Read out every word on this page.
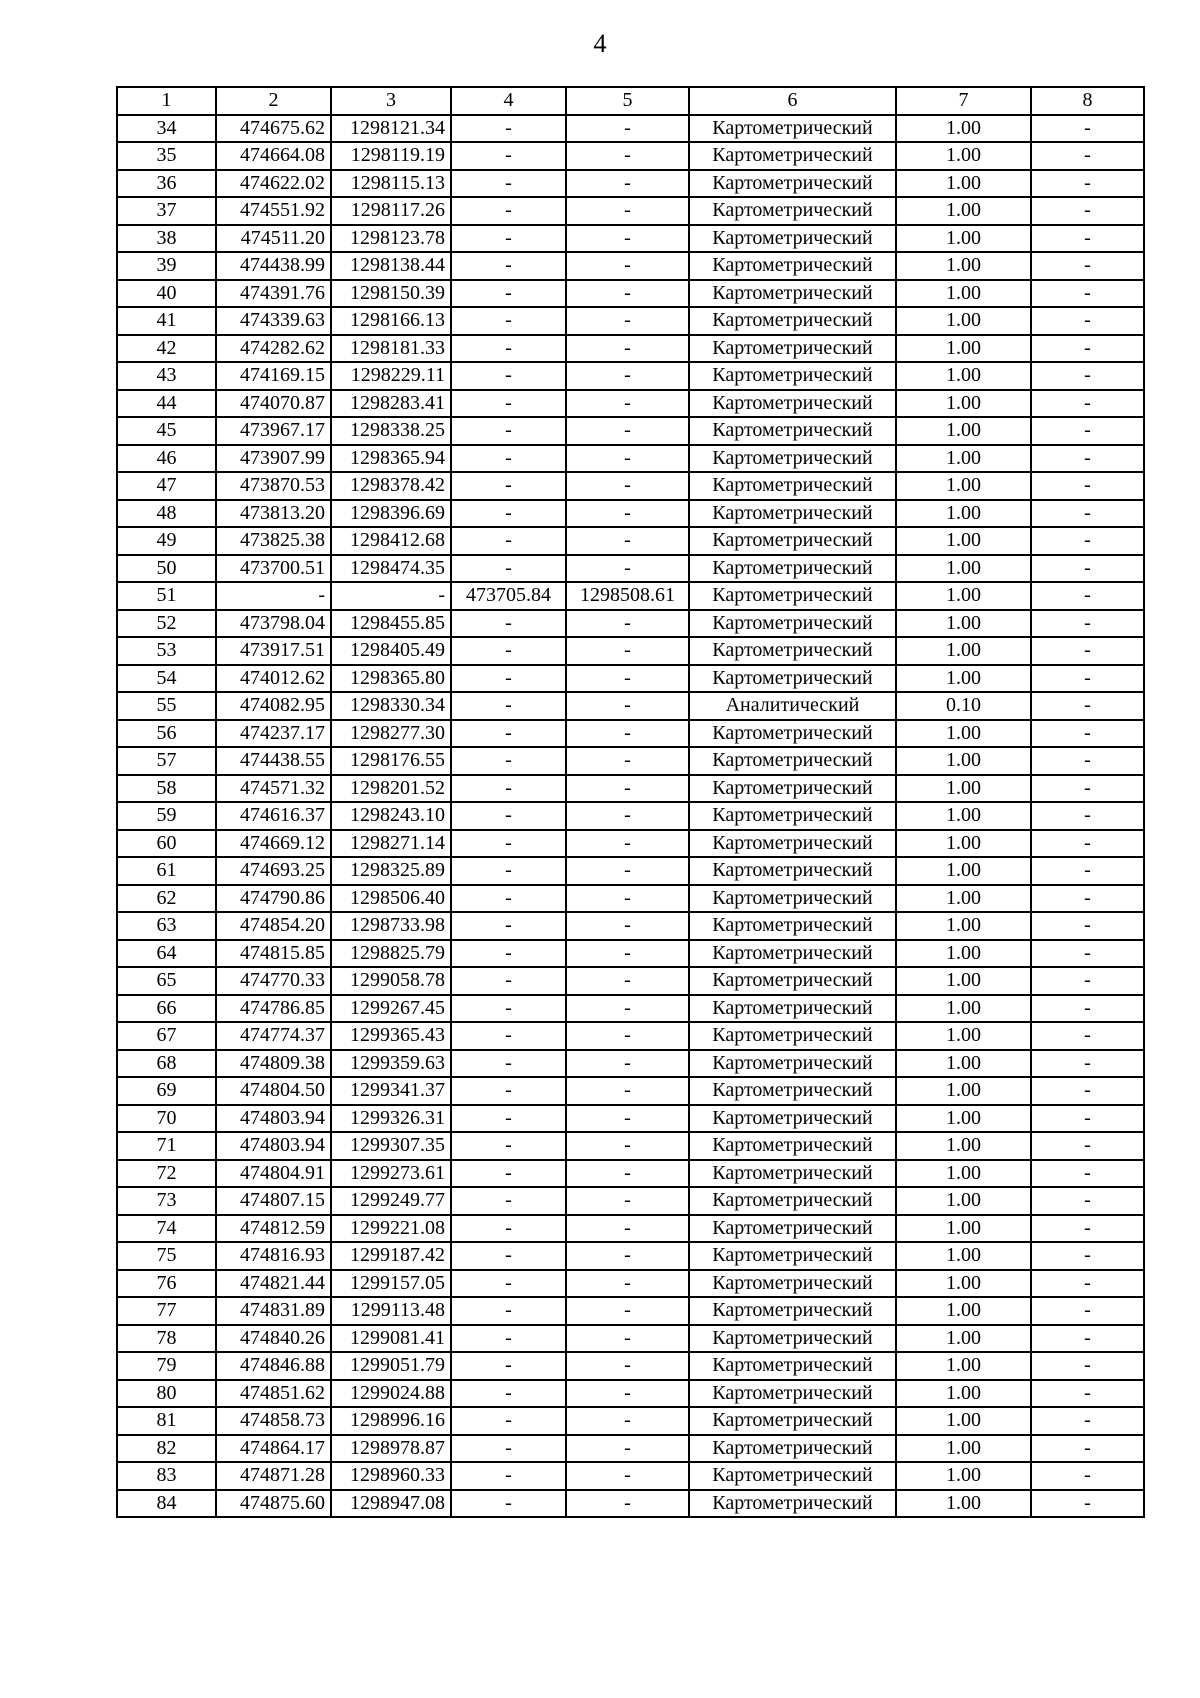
4
1	2	3	4	5	6	7	8
34	474675.62	1298121.34	-	-	Картометрический	1.00	-
35	474664.08	1298119.19	-	-	Картометрический	1.00	-
36	474622.02	1298115.13	-	-	Картометрический	1.00	-
37	474551.92	1298117.26	-	-	Картометрический	1.00	-
38	474511.20	1298123.78	-	-	Картометрический	1.00	-
39	474438.99	1298138.44	-	-	Картометрический	1.00	-
40	474391.76	1298150.39	-	-	Картометрический	1.00	-
41	474339.63	1298166.13	-	-	Картометрический	1.00	-
42	474282.62	1298181.33	-	-	Картометрический	1.00	-
43	474169.15	1298229.11	-	-	Картометрический	1.00	-
44	474070.87	1298283.41	-	-	Картометрический	1.00	-
45	473967.17	1298338.25	-	-	Картометрический	1.00	-
46	473907.99	1298365.94	-	-	Картометрический	1.00	-
47	473870.53	1298378.42	-	-	Картометрический	1.00	-
48	473813.20	1298396.69	-	-	Картометрический	1.00	-
49	473825.38	1298412.68	-	-	Картометрический	1.00	-
50	473700.51	1298474.35	-	-	Картометрический	1.00	-
51	-	-	473705.84	1298508.61	Картометрический	1.00	-
52	473798.04	1298455.85	-	-	Картометрический	1.00	-
53	473917.51	1298405.49	-	-	Картометрический	1.00	-
54	474012.62	1298365.80	-	-	Картометрический	1.00	-
55	474082.95	1298330.34	-	-	Аналитический	0.10	-
56	474237.17	1298277.30	-	-	Картометрический	1.00	-
57	474438.55	1298176.55	-	-	Картометрический	1.00	-
58	474571.32	1298201.52	-	-	Картометрический	1.00	-
59	474616.37	1298243.10	-	-	Картометрический	1.00	-
60	474669.12	1298271.14	-	-	Картометрический	1.00	-
61	474693.25	1298325.89	-	-	Картометрический	1.00	-
62	474790.86	1298506.40	-	-	Картометрический	1.00	-
63	474854.20	1298733.98	-	-	Картометрический	1.00	-
64	474815.85	1298825.79	-	-	Картометрический	1.00	-
65	474770.33	1299058.78	-	-	Картометрический	1.00	-
66	474786.85	1299267.45	-	-	Картометрический	1.00	-
67	474774.37	1299365.43	-	-	Картометрический	1.00	-
68	474809.38	1299359.63	-	-	Картометрический	1.00	-
69	474804.50	1299341.37	-	-	Картометрический	1.00	-
70	474803.94	1299326.31	-	-	Картометрический	1.00	-
71	474803.94	1299307.35	-	-	Картометрический	1.00	-
72	474804.91	1299273.61	-	-	Картометрический	1.00	-
73	474807.15	1299249.77	-	-	Картометрический	1.00	-
74	474812.59	1299221.08	-	-	Картометрический	1.00	-
75	474816.93	1299187.42	-	-	Картометрический	1.00	-
76	474821.44	1299157.05	-	-	Картометрический	1.00	-
77	474831.89	1299113.48	-	-	Картометрический	1.00	-
78	474840.26	1299081.41	-	-	Картометрический	1.00	-
79	474846.88	1299051.79	-	-	Картометрический	1.00	-
80	474851.62	1299024.88	-	-	Картометрический	1.00	-
81	474858.73	1298996.16	-	-	Картометрический	1.00	-
82	474864.17	1298978.87	-	-	Картометрический	1.00	-
83	474871.28	1298960.33	-	-	Картометрический	1.00	-
84	474875.60	1298947.08	-	-	Картометрический	1.00	-
